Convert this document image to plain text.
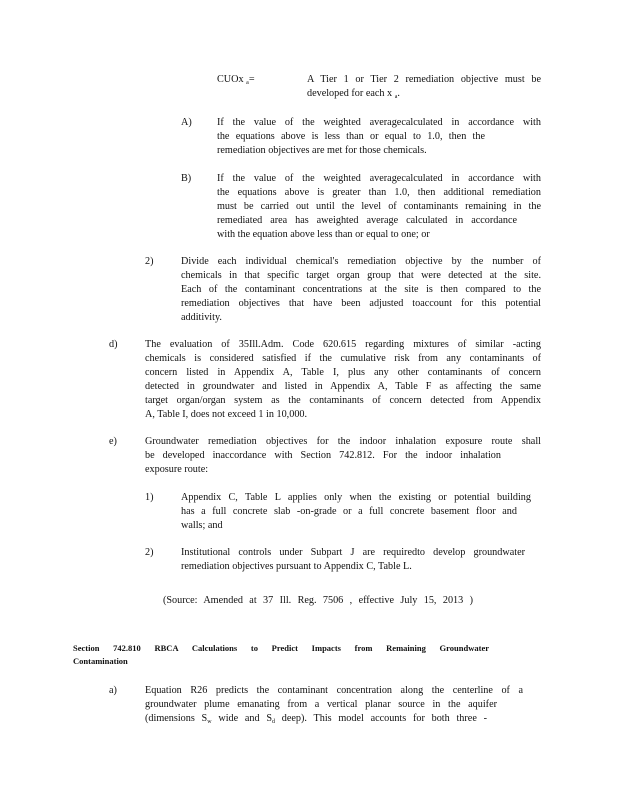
CUOx $_a$=	A Tier 1 or Tier 2 remediation objective must be
developed for each x $_a$.
A) If the value of the weighted averagecalculated in accordance with
the equations above is less than or equal to 1.0, then the
remediation objectives are met for those chemicals.
B)	If the value of the weighted averagecalculated in accordance with
the equations above is greater than 1.0, then additional remediation
must be carried out until the level of contaminants remaining in the
remediated area has aweighted average calculated in accordance
with the equation above less than or equal to one; or
2)	Divide each individual chemical's remediation objective by the number of
chemicals in that specific target organ group that were detected at the site.
Each of the contaminant concentrations at the site is then compared to the
remediation objectives that have been adjusted toaccount for this potential
additivity.
d)	The evaluation of 35Ill.Adm. Code 620.615 regarding mixtures of similar -acting
chemicals is considered satisfied if the cumulative risk from any contaminants of
concern listed in Appendix A, Table I, plus any other contaminants of concern
detected in groundwater and listed in Appendix A, Table F as affecting the same
target organ/organ system as the contaminants of concern detected from Appendix
A, Table I, does not exceed 1 in 10,000.
e)	Groundwater remediation objectives for the indoor inhalation exposure route shall
be developed inaccordance with Section 742.812. For the indoor inhalation
exposure route:
1)	Appendix C, Table L applies only when the existing or potential building
has a full concrete slab -on-grade or a full concrete basement floor and
walls; and
2)	Institutional controls under Subpart J are requiredto develop groundwater
remediation objectives pursuant to Appendix C, Table L.
(Source: Amended at 37 Ill. Reg. 7506 , effective July 15, 2013 )
Section 742.810 RBCA Calculations to Predict Impacts from Remaining Groundwater
Contamination
a)	Equation R26 predicts the contaminant concentration along the centerline of a
groundwater plume emanating from a vertical planar source in the aquifer
(dimensions $S_w$ wide and $S_d$ deep). This model accounts for both three -
